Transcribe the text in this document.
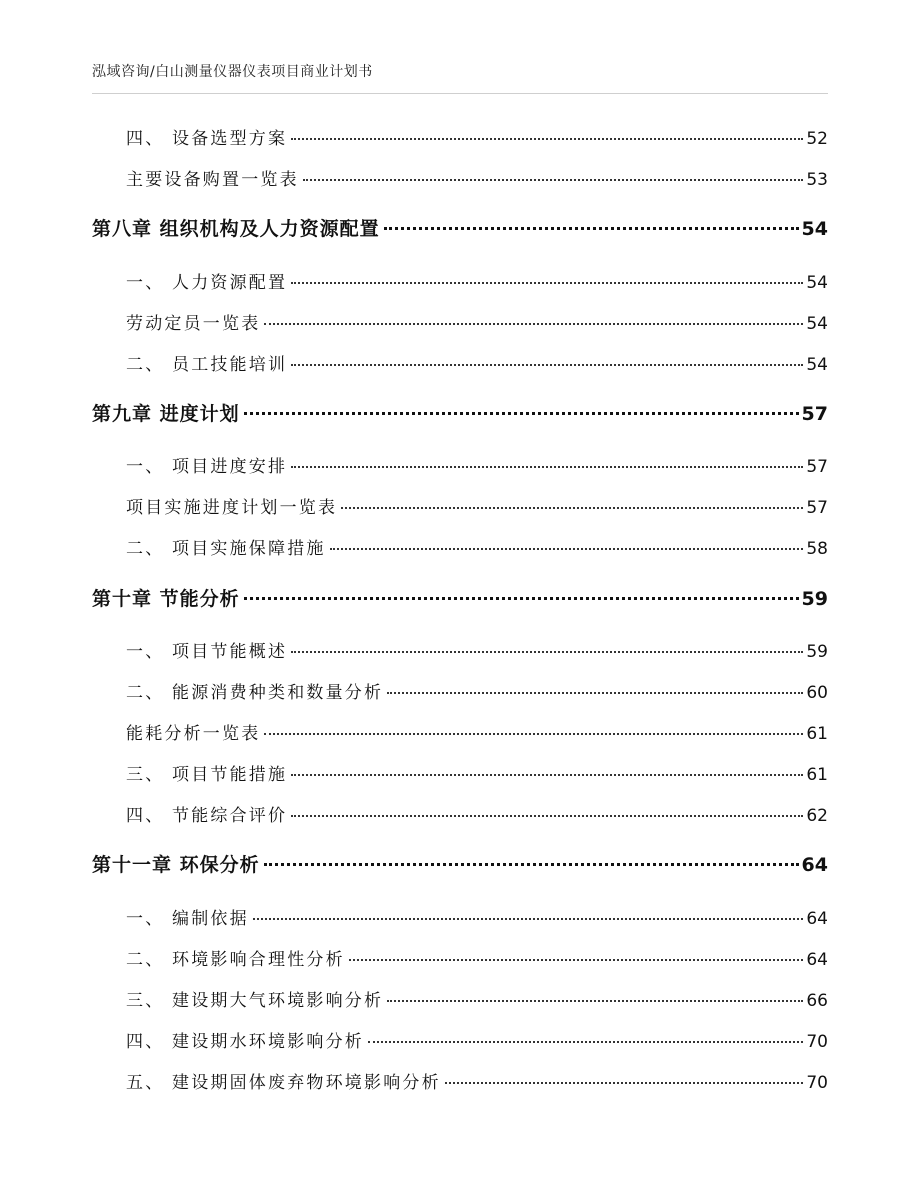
泓域咨询/白山测量仪器仪表项目商业计划书
四、 设备选型方案	52
主要设备购置一览表	53
第八章 组织机构及人力资源配置	54
一、 人力资源配置	54
劳动定员一览表	54
二、 员工技能培训	54
第九章 进度计划	57
一、 项目进度安排	57
项目实施进度计划一览表	57
二、 项目实施保障措施	58
第十章 节能分析	59
一、 项目节能概述	59
二、 能源消费种类和数量分析	60
能耗分析一览表	61
三、 项目节能措施	61
四、 节能综合评价	62
第十一章 环保分析	64
一、 编制依据	64
二、 环境影响合理性分析	64
三、 建设期大气环境影响分析	66
四、 建设期水环境影响分析	70
五、 建设期固体废弃物环境影响分析	70
